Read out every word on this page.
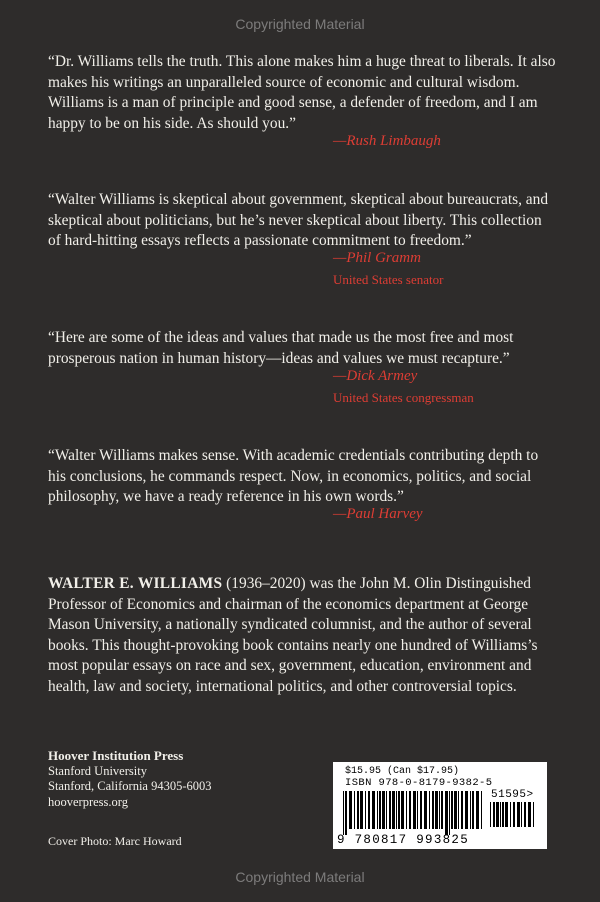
Copyrighted Material
“Dr. Williams tells the truth. This alone makes him a huge threat to liberals. It also makes his writings an unparalleled source of economic and cultural wisdom. Williams is a man of principle and good sense, a defender of freedom, and I am happy to be on his side. As should you.”
—Rush Limbaugh
“Walter Williams is skeptical about government, skeptical about bureaucrats, and skeptical about politicians, but he’s never skeptical about liberty. This collection of hard-hitting essays reflects a passionate commitment to freedom.”
—Phil Gramm
United States senator
“Here are some of the ideas and values that made us the most free and most prosperous nation in human history—ideas and values we must recapture.”
—Dick Armey
United States congressman
“Walter Williams makes sense. With academic credentials contributing depth to his conclusions, he commands respect. Now, in economics, politics, and social philosophy, we have a ready reference in his own words.”
—Paul Harvey
WALTER E. WILLIAMS (1936–2020) was the John M. Olin Distinguished Professor of Economics and chairman of the economics department at George Mason University, a nationally syndicated columnist, and the author of several books. This thought-provoking book contains nearly one hundred of Williams’s most popular essays on race and sex, government, education, environment and health, law and society, international politics, and other controversial topics.
Hoover Institution Press
Stanford University
Stanford, California 94305-6003
hooverpress.org
Cover Photo: Marc Howard
$15.95 (Can $17.95)
ISBN 978-0-8179-9382-5
51595>
9 780817 993825
Copyrighted Material
